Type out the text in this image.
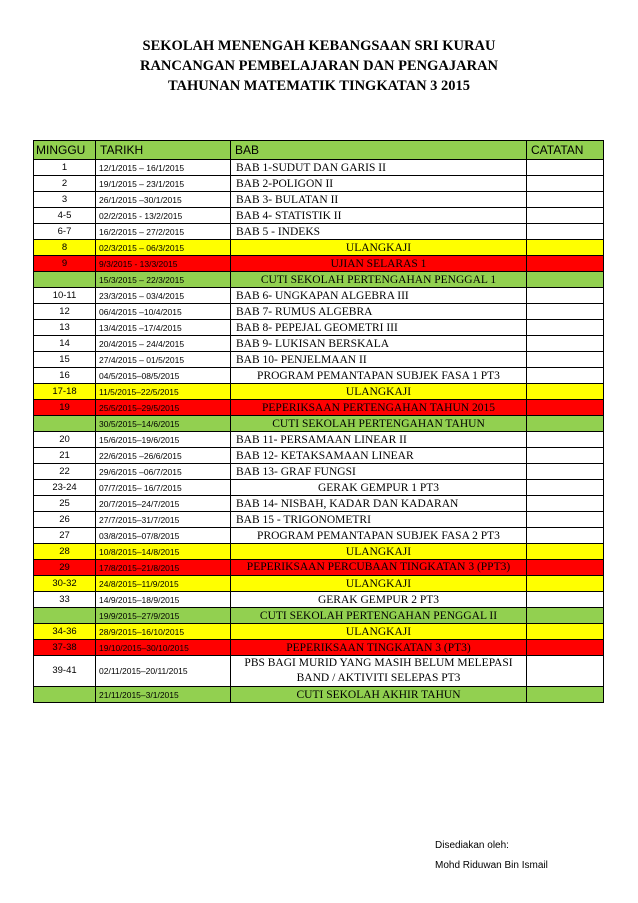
SEKOLAH MENENGAH KEBANGSAAN SRI KURAU
RANCANGAN PEMBELAJARAN DAN PENGAJARAN
TAHUNAN MATEMATIK TINGKATAN 3 2015
MINGGU	TARIKH	BAB	CATATAN
1	12/1/2015 – 16/1/2015	BAB 1-SUDUT DAN GARIS II	
2	19/1/2015 – 23/1/2015	BAB 2-POLIGON II	
3	26/1/2015 –30/1/2015	BAB 3- BULATAN II	
4-5	02/2/2015 - 13/2/2015	BAB 4- STATISTIK II	
6-7	16/2/2015 – 27/2/2015	BAB 5 - INDEKS	
8	02/3/2015 – 06/3/2015	ULANGKAJI	
9	9/3/2015 - 13/3/2015	UJIAN SELARAS 1	
	15/3/2015 – 22/3/2015	CUTI SEKOLAH PERTENGAHAN PENGGAL 1	
10-11	23/3/2015 – 03/4/2015	BAB 6- UNGKAPAN ALGEBRA III	
12	06/4/2015 –10/4/2015	BAB 7- RUMUS ALGEBRA	
13	13/4/2015 –17/4/2015	BAB 8- PEPEJAL GEOMETRI III	
14	20/4/2015 – 24/4/2015	BAB 9- LUKISAN BERSKALA	
15	27/4/2015 – 01/5/2015	BAB 10- PENJELMAAN II	
16	04/5/2015–08/5/2015	PROGRAM PEMANTAPAN SUBJEK FASA 1 PT3	
17-18	11/5/2015–22/5/2015	ULANGKAJI	
19	25/5/2015–29/5/2015	PEPERIKSAAN PERTENGAHAN TAHUN 2015	
	30/5/2015–14/6/2015	CUTI SEKOLAH PERTENGAHAN TAHUN	
20	15/6/2015–19/6/2015	BAB 11- PERSAMAAN LINEAR II	
21	22/6/2015 –26/6/2015	BAB 12- KETAKSAMAAN LINEAR	
22	29/6/2015 –06/7/2015	BAB 13- GRAF FUNGSI	
23-24	07/7/2015– 16/7/2015	GERAK GEMPUR 1 PT3	
25	20/7/2015–24/7/2015	BAB 14- NISBAH, KADAR DAN KADARAN	
26	27/7/2015–31/7/2015	BAB 15 - TRIGONOMETRI	
27	03/8/2015–07/8/2015	PROGRAM PEMANTAPAN SUBJEK FASA 2 PT3	
28	10/8/2015–14/8/2015	ULANGKAJI	
29	17/8/2015–21/8/2015	PEPERIKSAAN PERCUBAAN TINGKATAN 3 (PPT3)	
30-32	24/8/2015–11/9/2015	ULANGKAJI	
33	14/9/2015–18/9/2015	GERAK GEMPUR 2 PT3	
	19/9/2015–27/9/2015	CUTI SEKOLAH PERTENGAHAN PENGGAL II	
34-36	28/9/2015–16/10/2015	ULANGKAJI	
37-38	19/10/2015–30/10/2015	PEPERIKSAAN TINGKATAN 3 (PT3)	
39-41	02/11/2015–20/11/2015	PBS BAGI MURID YANG MASIH BELUM MELEPASI BAND / AKTIVITI SELEPAS PT3	
	21/11/2015–3/1/2015	CUTI SEKOLAH AKHIR TAHUN	
Disediakan oleh:
Mohd Riduwan Bin Ismail
